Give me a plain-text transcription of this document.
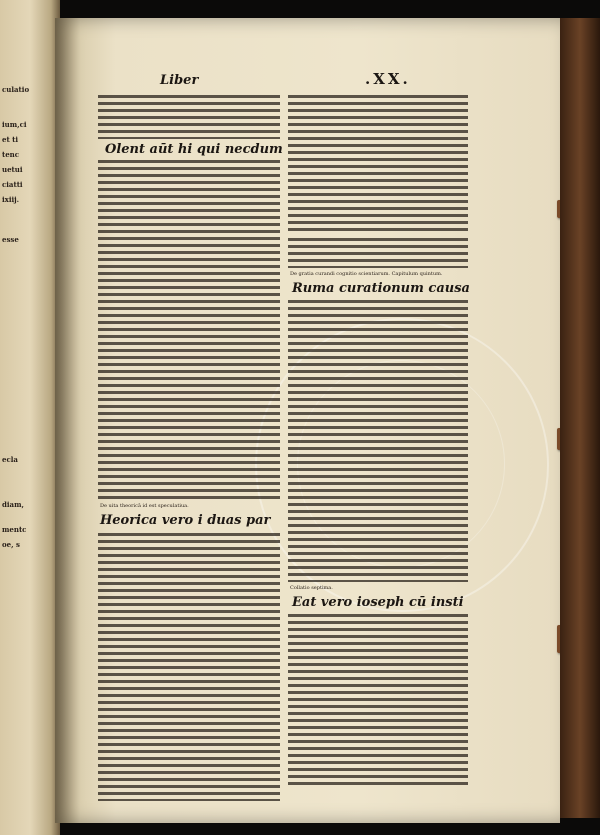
culatio
ium,ci
et ti
tenc
uetui
ciatti
ixiij.
esse
ecla
diam,
mentc
oe, s
Liber	.XX.
Olent aūt hi qui necdum
De uita theoricā id est speculatiua.
Heorica vero i duas par
De gratia curandi cognitio scientiarum. Capitulum quintum.
Ruma curationum causa
Collatio septima.
Eat vero ioseph cū insti
